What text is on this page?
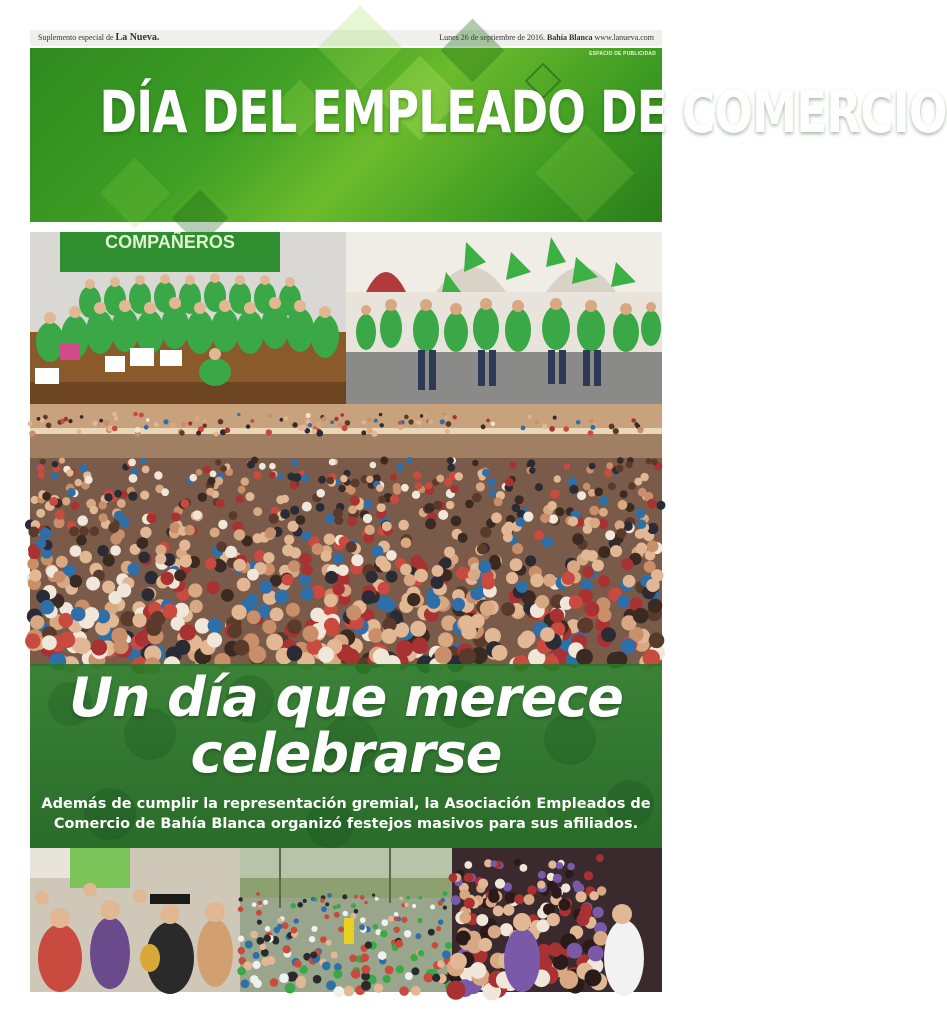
Suplemento especial de La Nueva.	Lunes 26 de septiembre de 2016. Bahía Blanca www.lanueva.com
ESPACIO DE PUBLICIDAD
DÍA DEL EMPLEADO DE COMERCIO
COMPAÑEROS
Un día que merece
celebrarse
Además de cumplir la representación gremial, la Asociación Empleados de
Comercio de Bahía Blanca organizó festejos masivos para sus afiliados.
